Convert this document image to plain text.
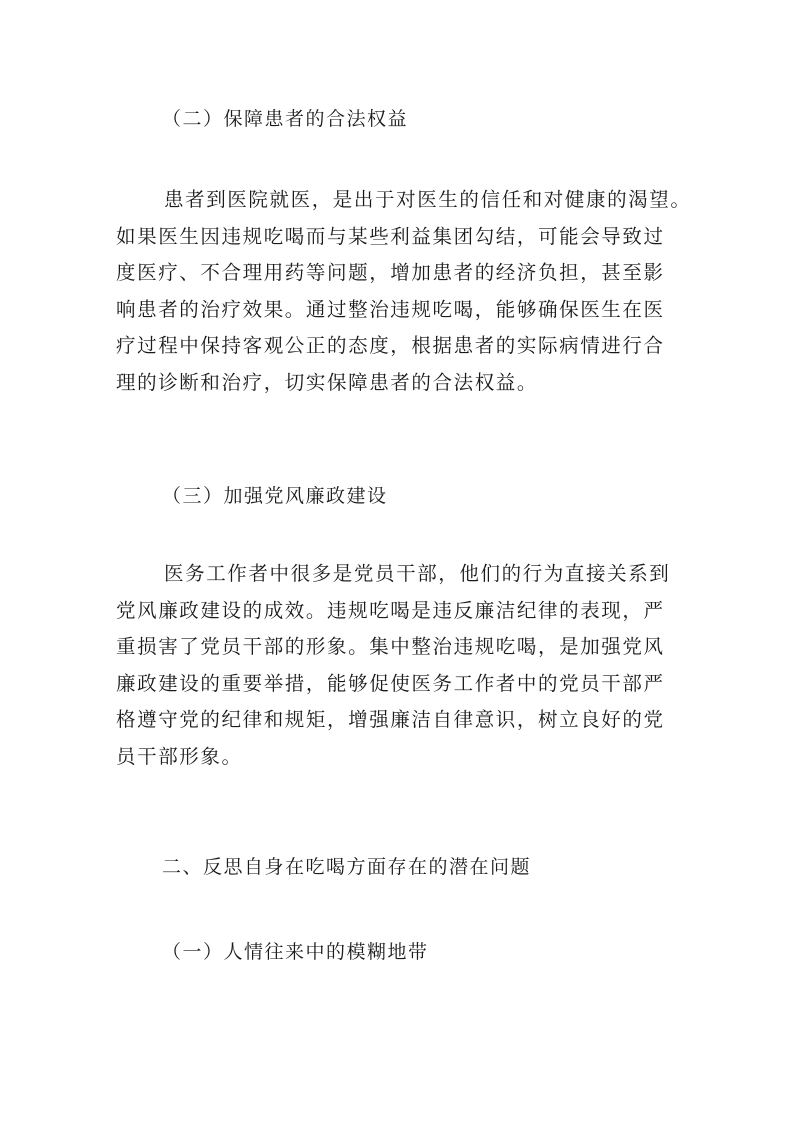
（二）保障患者的合法权益
患者到医院就医，是出于对医生的信任和对健康的渴望。
如果医生因违规吃喝而与某些利益集团勾结，可能会导致过
度医疗、不合理用药等问题，增加患者的经济负担，甚至影
响患者的治疗效果。通过整治违规吃喝，能够确保医生在医
疗过程中保持客观公正的态度，根据患者的实际病情进行合
理的诊断和治疗，切实保障患者的合法权益。
（三）加强党风廉政建设
医务工作者中很多是党员干部，他们的行为直接关系到
党风廉政建设的成效。违规吃喝是违反廉洁纪律的表现，严
重损害了党员干部的形象。集中整治违规吃喝，是加强党风
廉政建设的重要举措，能够促使医务工作者中的党员干部严
格遵守党的纪律和规矩，增强廉洁自律意识，树立良好的党
员干部形象。
二、反思自身在吃喝方面存在的潜在问题
（一）人情往来中的模糊地带
